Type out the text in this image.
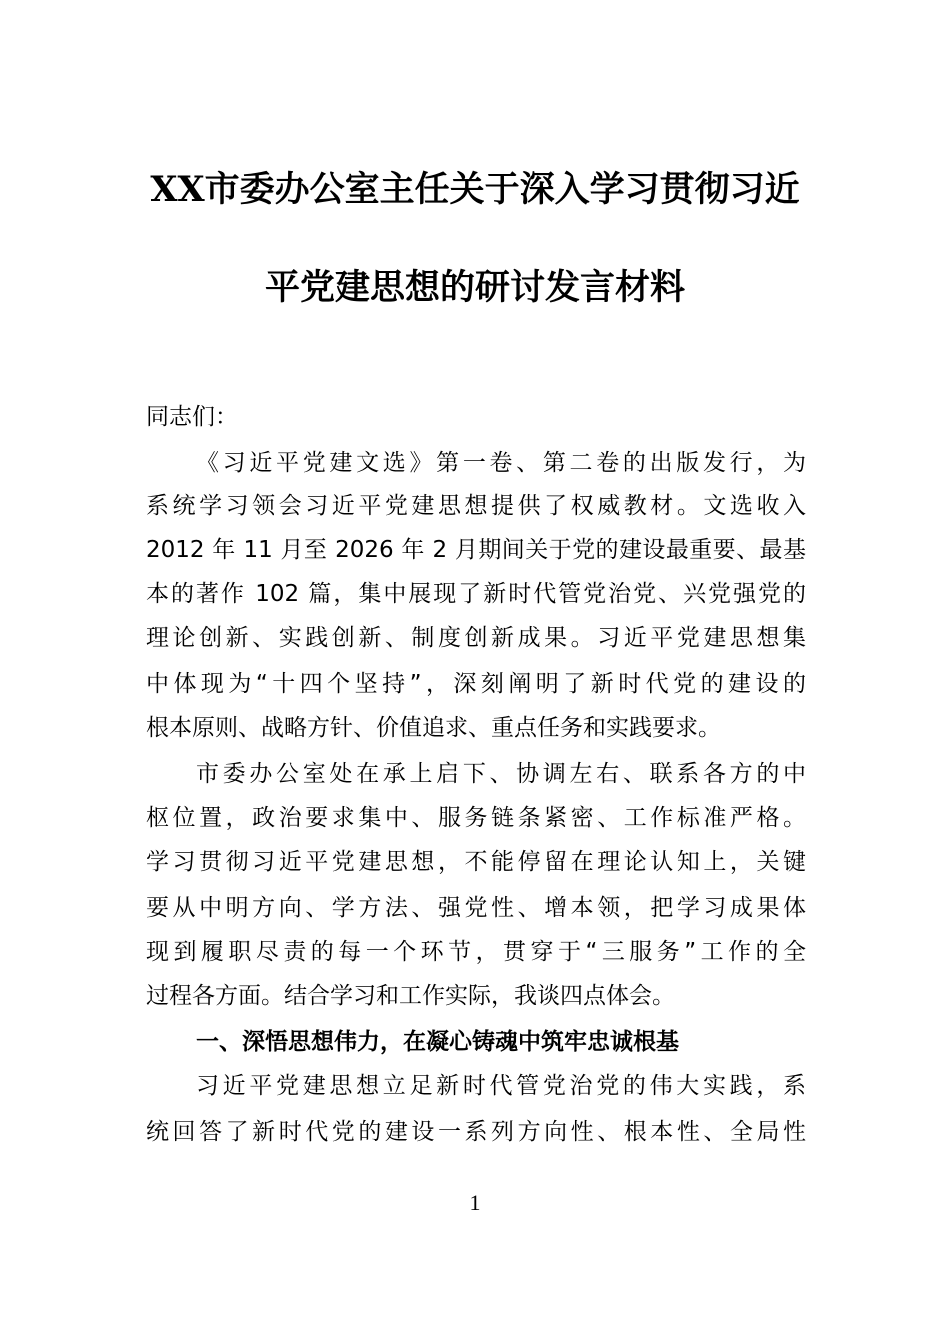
XX市委办公室主任关于深入学习贯彻习近
平党建思想的研讨发言材料
同志们：
《习近平党建文选》第一卷、第二卷的出版发行，为
系统学习领会习近平党建思想提供了权威教材。文选收入
2012 年 11 月至 2026 年 2 月期间关于党的建设最重要、最基
本的著作 102 篇，集中展现了新时代管党治党、兴党强党的
理论创新、实践创新、制度创新成果。习近平党建思想集
中体现为“十四个坚持”，深刻阐明了新时代党的建设的
根本原则、战略方针、价值追求、重点任务和实践要求。
市委办公室处在承上启下、协调左右、联系各方的中
枢位置，政治要求集中、服务链条紧密、工作标准严格。
学习贯彻习近平党建思想，不能停留在理论认知上，关键
要从中明方向、学方法、强党性、增本领，把学习成果体
现到履职尽责的每一个环节，贯穿于“三服务”工作的全
过程各方面。结合学习和工作实际，我谈四点体会。
一、深悟思想伟力，在凝心铸魂中筑牢忠诚根基
习近平党建思想立足新时代管党治党的伟大实践，系
统回答了新时代党的建设一系列方向性、根本性、全局性
1
